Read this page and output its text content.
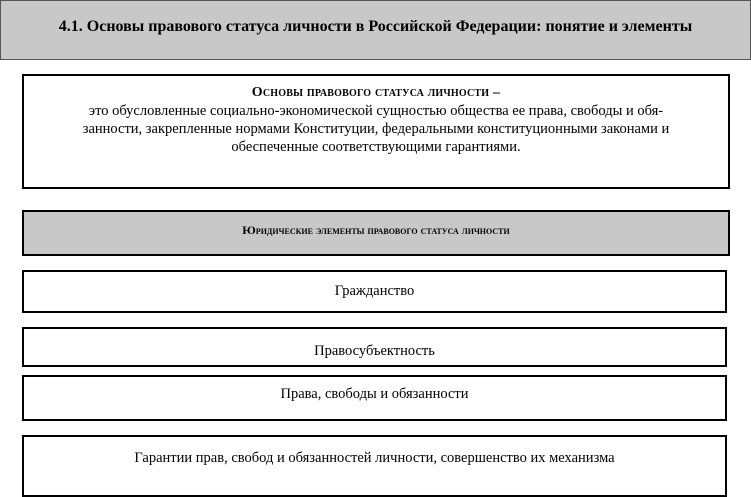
4.1. Основы правового статуса личности в Российской Федерации: понятие и элементы
Основы правового статуса личности –
это обусловленные социально-экономической сущностью общества ее права, свободы и обя-
занности, закрепленные нормами Конституции, федеральными конституционными законами и
обеспеченные соответствующими гарантиями.
Юридические элементы правового статуса личности
Гражданство
Правосубъектность
Права, свободы и обязанности
Гарантии прав, свобод и обязанностей личности, совершенство их механизма
